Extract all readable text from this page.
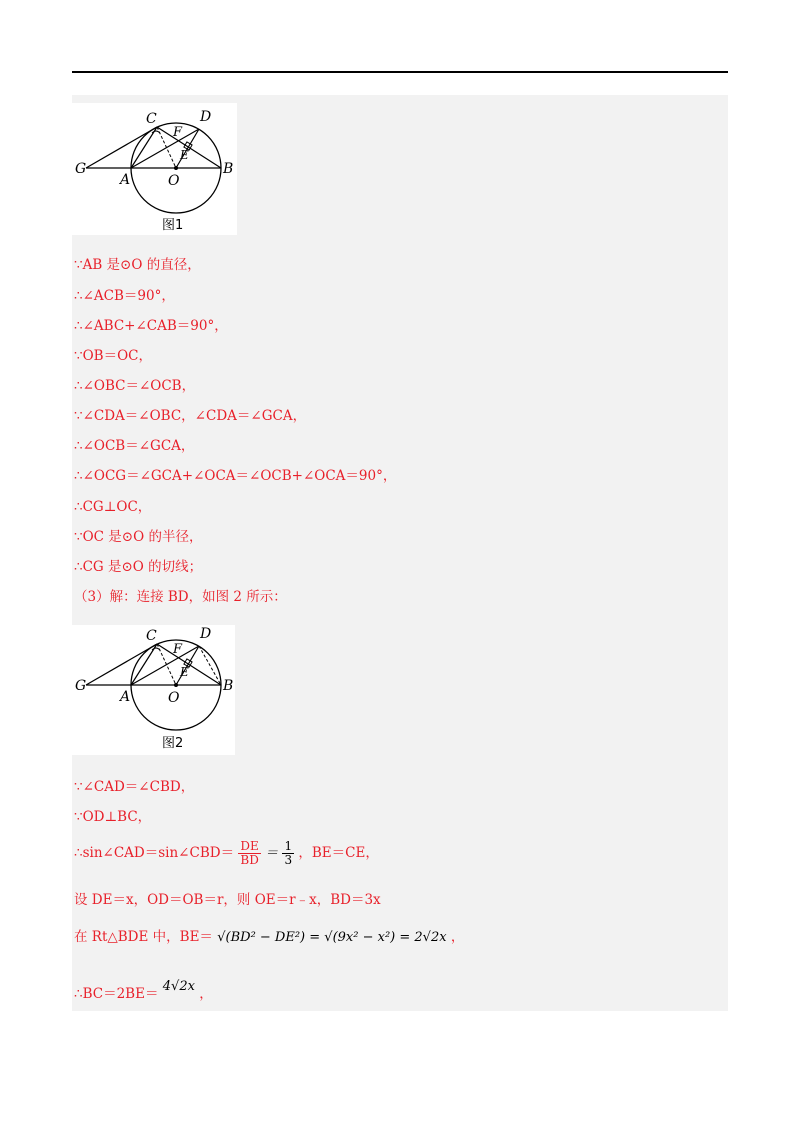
C	D
F
E
G
A	O
B
图1
∵AB 是⊙O 的直径，
∴∠ACB＝90°，
∴∠ABC+∠CAB＝90°，
∵OB＝OC，
∴∠OBC＝∠OCB，
∵∠CDA＝∠OBC，∠CDA＝∠GCA，
∴∠OCB＝∠GCA，
∴∠OCG＝∠GCA+∠OCA＝∠OCB+∠OCA＝90°，
∴CG⊥OC，
∵OC 是⊙O 的半径，
∴CG 是⊙O 的切线；
（3）解：连接 BD，如图 2 所示：
C	D
F
E
G
A	O
B
图2
∵∠CAD＝∠CBD，
∵OD⊥BC，
∴sin∠CAD＝sin∠CBD＝ $\frac{DE}{BD} = \frac{1}{3}$ ，BE＝CE，
设 DE＝x，OD＝OB＝r，则 OE＝r﹣x，BD＝3x
在 Rt△BDE 中，BE＝ √(BD² − DE²) = √(9x² − x²) = 2√2x ，
∴BC＝2BE＝ 4√2x ，
